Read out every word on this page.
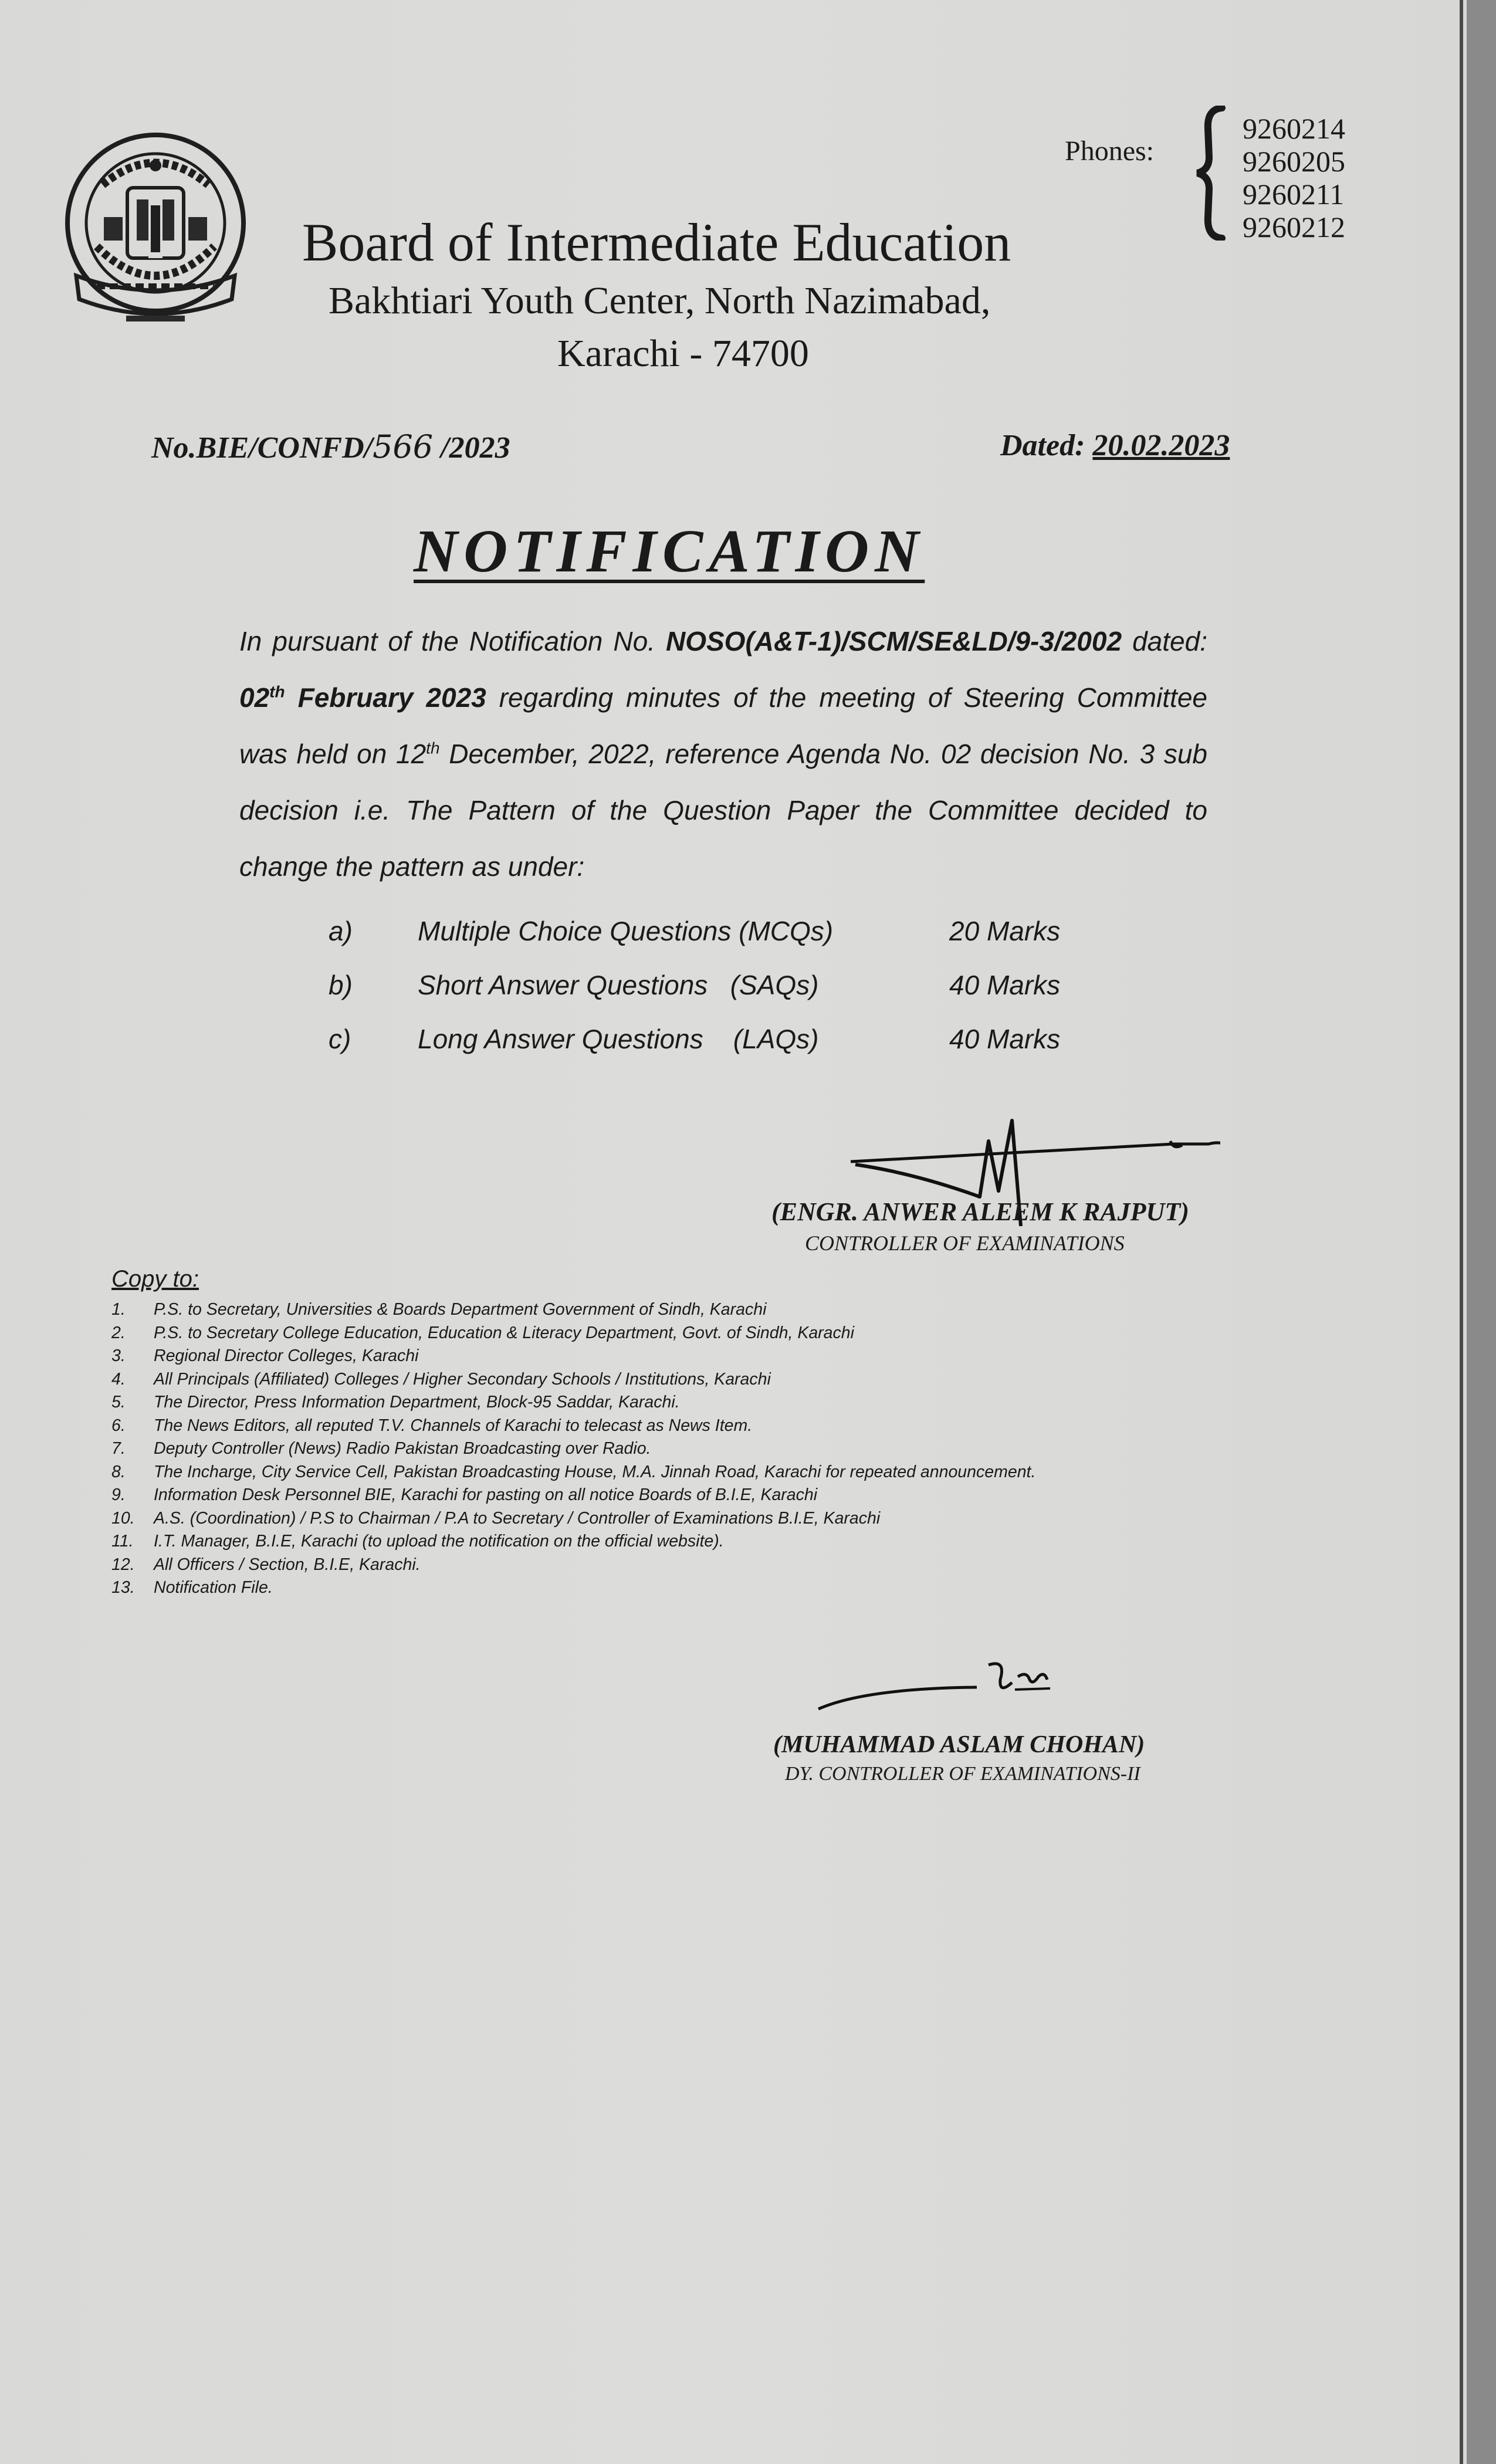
Board of Intermediate Education
Bakhtiari Youth Center, North Nazimabad,
Karachi - 74700
Phones:
9260214
9260205
9260211
9260212
No.BIE/CONFD/566 /2023	Dated: 20.02.2023
NOTIFICATION
In pursuant of the Notification No. NOSO(A&T-1)/SCM/SE&LD/9-3/2002 dated: 02th February 2023 regarding minutes of the meeting of Steering Committee was held on 12th December, 2022, reference Agenda No. 02 decision No. 3 sub decision i.e. The Pattern of the Question Paper the Committee decided to change the pattern as under:
a) Multiple Choice Questions (MCQs)	20 Marks
b) Short Answer Questions   (SAQs)	40 Marks
c) Long Answer Questions    (LAQs)	40 Marks
(ENGR. ANWER ALEEM K RAJPUT)
CONTROLLER OF EXAMINATIONS
Copy to:
1. P.S. to Secretary, Universities & Boards Department Government of Sindh, Karachi
2. P.S. to Secretary College Education, Education & Literacy Department, Govt. of Sindh, Karachi
3. Regional Director Colleges, Karachi
4. All Principals (Affiliated) Colleges / Higher Secondary Schools / Institutions, Karachi
5. The Director, Press Information Department, Block-95 Saddar, Karachi.
6. The News Editors, all reputed T.V. Channels of Karachi to telecast as News Item.
7. Deputy Controller (News) Radio Pakistan Broadcasting over Radio.
8. The Incharge, City Service Cell, Pakistan Broadcasting House, M.A. Jinnah Road, Karachi for repeated announcement.
9. Information Desk Personnel BIE, Karachi for pasting on all notice Boards of B.I.E, Karachi
10. A.S. (Coordination) / P.S to Chairman / P.A to Secretary / Controller of Examinations B.I.E, Karachi
11. I.T. Manager, B.I.E, Karachi (to upload the notification on the official website).
12. All Officers / Section, B.I.E, Karachi.
13. Notification File.
(MUHAMMAD ASLAM CHOHAN)
DY. CONTROLLER OF EXAMINATIONS-II
